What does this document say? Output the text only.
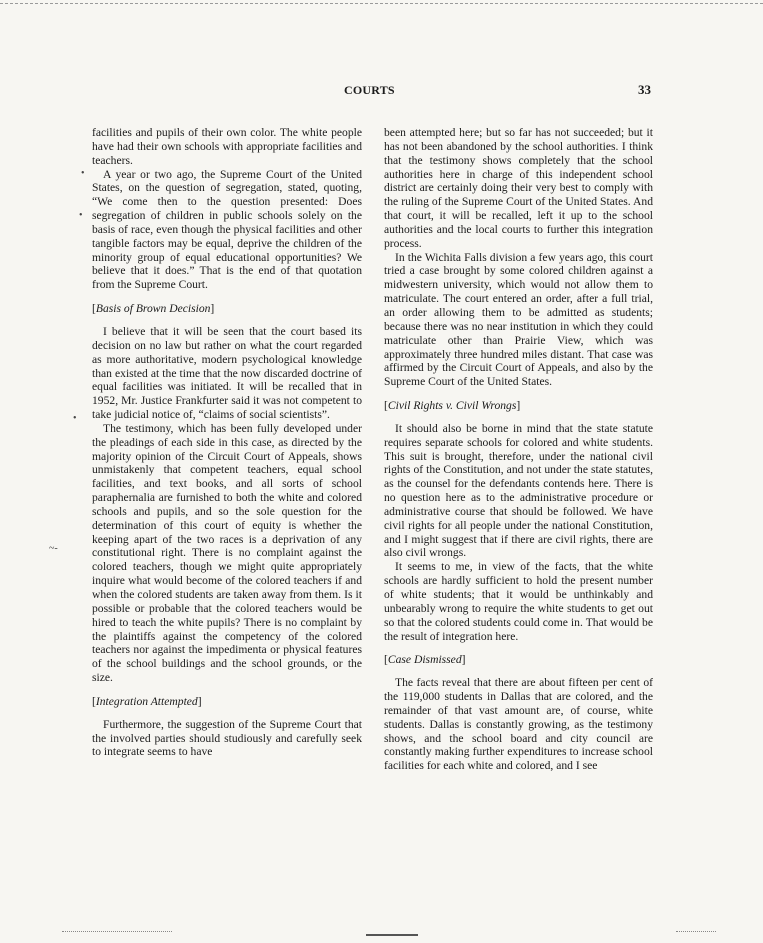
COURTS	33
•
•
•
~-

facilities and pupils of their own color. The white people have had their own schools with appropriate facilities and teachers.

A year or two ago, the Supreme Court of the United States, on the question of segregation, stated, quoting, “We come then to the question presented: Does segregation of children in public schools solely on the basis of race, even though the physical facilities and other tangible factors may be equal, deprive the children of the minority group of equal educational opportunities? We believe that it does.” That is the end of that quotation from the Supreme Court.

[Basis of Brown Decision]

I believe that it will be seen that the court based its decision on no law but rather on what the court regarded as more authoritative, modern psychological knowledge than existed at the time that the now discarded doctrine of equal facilities was initiated. It will be recalled that in 1952, Mr. Justice Frankfurter said it was not competent to take judicial notice of, “claims of social scientists”.

The testimony, which has been fully developed under the pleadings of each side in this case, as directed by the majority opinion of the Circuit Court of Appeals, shows unmistakenly that competent teachers, equal school facilities, and text books, and all sorts of school paraphernalia are furnished to both the white and colored schools and pupils, and so the sole question for the determination of this court of equity is whether the keeping apart of the two races is a deprivation of any constitutional right. There is no complaint against the colored teachers, though we might quite appropriately inquire what would become of the colored teachers if and when the colored students are taken away from them. Is it possible or probable that the colored teachers would be hired to teach the white pupils? There is no complaint by the plaintiffs against the competency of the colored teachers nor against the impedimenta or physical features of the school buildings and the school grounds, or the size.

[Integration Attempted]

Furthermore, the suggestion of the Supreme Court that the involved parties should studiously and carefully seek to integrate seems to have

been attempted here; but so far has not succeeded; but it has not been abandoned by the school authorities. I think that the testimony shows completely that the school authorities here in charge of this independent school district are certainly doing their very best to comply with the ruling of the Supreme Court of the United States. And that court, it will be recalled, left it up to the school authorities and the local courts to further this integration process.

In the Wichita Falls division a few years ago, this court tried a case brought by some colored children against a midwestern university, which would not allow them to matriculate. The court entered an order, after a full trial, an order allowing them to be admitted as students; because there was no near institution in which they could matriculate other than Prairie View, which was approximately three hundred miles distant. That case was affirmed by the Circuit Court of Appeals, and also by the Supreme Court of the United States.

[Civil Rights v. Civil Wrongs]

It should also be borne in mind that the state statute requires separate schools for colored and white students. This suit is brought, therefore, under the national civil rights of the Constitution, and not under the state statutes, as the counsel for the defendants contends here. There is no question here as to the administrative procedure or administrative course that should be followed. We have civil rights for all people under the national Constitution, and I might suggest that if there are civil rights, there are also civil wrongs.

It seems to me, in view of the facts, that the white schools are hardly sufficient to hold the present number of white students; that it would be unthinkably and unbearably wrong to require the white students to get out so that the colored students could come in. That would be the result of integration here.

[Case Dismissed]

The facts reveal that there are about fifteen per cent of the 119,000 students in Dallas that are colored, and the remainder of that vast amount are, of course, white students. Dallas is constantly growing, as the testimony shows, and the school board and city council are constantly making further expenditures to increase school facilities for each white and colored, and I see
